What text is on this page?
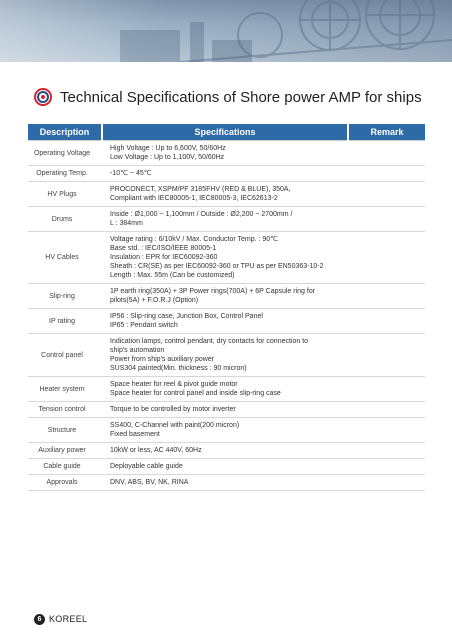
Technical Specifications of Shore power AMP for ships
Description	Specifications	Remark
Operating Voltage	High Voltage : Up to 6,600V, 50/60Hz
Low Voltage : Up to 1,100V, 50/60Hz	

Operating Temp.	-10℃ ~ 45℃	

HV Plugs	PROCONECT, XSPM/PF 3185FHV (RED & BLUE), 350A,
Compliant with IEC80005-1, IEC80005-3, IEC62613-2	

Drums	Inside : Ø1,000 ~ 1,100mm / Outside : Ø2,200 ~ 2700mm /
L : 384mm	

HV Cables	Voltage rating : 6/10kV / Max. Conductor Temp. : 90℃
Base std. : IEC/ISO/IEEE 80005-1
Insulation : EPR for IEC60092-360
Sheath : CR(SE) as per IEC60092-360 or TPU as per EN50363-10-2
Length : Max. 55m (Can be customized)	

Slip-ring	1P earth ring(350A) + 3P Power rings(700A) + 6P Capsule ring for
pilots(5A) + F.O.R.J (Option)	

IP rating	IP56 : Slip-ring case, Junction Box, Control Panel
IP65 : Pendant switch	

Control panel	Indication lamps, control pendant, dry contacts for connection to
ship's automation
Power from ship's auxiliary power
SUS304 painted(Min. thickness : 90 micron)	

Heater system	Space heater for reel & pivot guide motor
Space heater for control panel and inside slip-ring case	

Tension control	Torque to be controlled by motor inverter	

Structure	SS400, C-Channel with paint(200 micron)
Fixed basement	

Auxiliary power	10kW or less, AC 440V, 60Hz	

Cable guide	Deployable cable guide	

Approvals	DNV, ABS, BV, NK, RINA	

6 KOREEL
